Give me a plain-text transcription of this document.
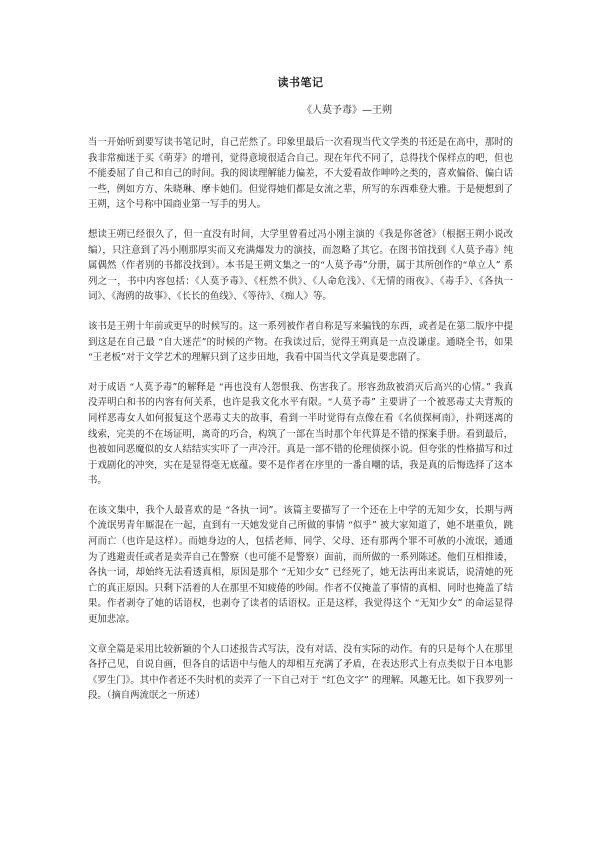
读书笔记
《人莫予毒》—王朔

当一开始听到要写读书笔记时，自己茫然了。印象里最后一次看现当代文学类的书还是在高中，那时的我非常痴迷于买《萌芽》的增刊，觉得意境很适合自己。现在年代不同了，总得找个保样点的吧，但也不能委屈了自己和自己的时间。我的阅读理解能力偏差，不大爱看故作呻吟之类的，喜欢偏俗、偏白话一些，例如方方、朱晓琳、摩卡她们。但觉得她们都是女流之辈，所写的东西难登大雅。于是便想到了王朔，这个号称中国商业第一写手的男人。

想读王朔已经很久了，但一直没有时间，大学里曾看过冯小刚主演的《我是你爸爸》（根据王朔小说改编），只注意到了冯小刚那厚实而又充满爆发力的演技，而忽略了其它。在图书馆找到《人莫予毒》纯属偶然（作者别的书都没找到）。本书是王朔文集之一的“人莫予毒”分册，属于其所创作的“单立人” 系列之一，书中内容包括：《人莫予毒》、《枉然不供》、《人命危浅》、《无情的雨夜》、《毒手》、《各执一词》、《海鸥的故事》、《长长的鱼线》、《等待》、《痴人》等。

该书是王朔十年前或更早的时候写的。这一系列被作者自称是写来骗钱的东西，或者是在第二版序中提到这是在自己最 “自大迷茫”的时候的产物。在我读过后，觉得王朔真是一点没谦虚。通晓全书，如果 “王老板”对于文学艺术的理解只到了这步田地，我看中国当代文学真是要悲剧了。

对于成语 “人莫予毒”的解释是 “再也没有人怨恨我、伤害我了。形容劲敌被消灭后高兴的心情。” 我真没弄明白和书的内容有何关系，也许是我文化水平有限。“人莫予毒” 主要讲了一个被恶毒丈夫背叛的同样恶毒女人如何报复这个恶毒丈夫的故事，看到一半时觉得有点像在看《名侦探柯南》，扑朔迷离的线索，完美的不在场证明，离奇的巧合，构筑了一部在当时那个年代算是不错的探案手册。看到最后，也被如同恶魔似的女人结结实实吓了一声冷汗。真是一部不错的伦理侦探小说。但夸张的性格描写和过于戏剧化的冲突，实在是显得毫无底蕴。要不是作者在序里的一番自嘲的话，我是真的后悔选择了这本书。

在该文集中，我个人最喜欢的是 “各执一词”。该篇主要描写了一个还在上中学的无知少女，长期与两个流氓男青年厮混在一起，直到有一天她发觉自己所做的事情 “似乎” 被大家知道了，她不堪重负，跳河而亡（也许是这样）。而她身边的人，包括老师、同学、父母、还有那两个罪不可赦的小流氓，通通为了逃避责任或者是卖弄自己在警察（也可能不是警察）面前，而所做的一系列陈述。他们互相推诿，各执一词，却始终无法看透真相，原因是那个 “无知少女” 已经死了，她无法再出来说话，说清她的死亡的真正原因。只剩下活着的人在那里不知疲倦的吵闹。作者不仅掩盖了事情的真相、同时也掩盖了结果。作者剥夺了她的话语权，也剥夺了读者的话语权。正是这样，我觉得这个 “无知少女” 的命运显得更加悲凉。

文章全篇是采用比较新颖的个人口述报告式写法，没有对话、没有实际的动作。有的只是每个人在那里各抒己见，自说自画，但各自的话语中与他人的却相互充满了矛盾，在表达形式上有点类似于日本电影《罗生门》。其中作者还不失时机的卖弄了一下自己对于 “红色文字” 的理解。风趣无比。如下我罗列一段。（摘自两流氓之一所述）
